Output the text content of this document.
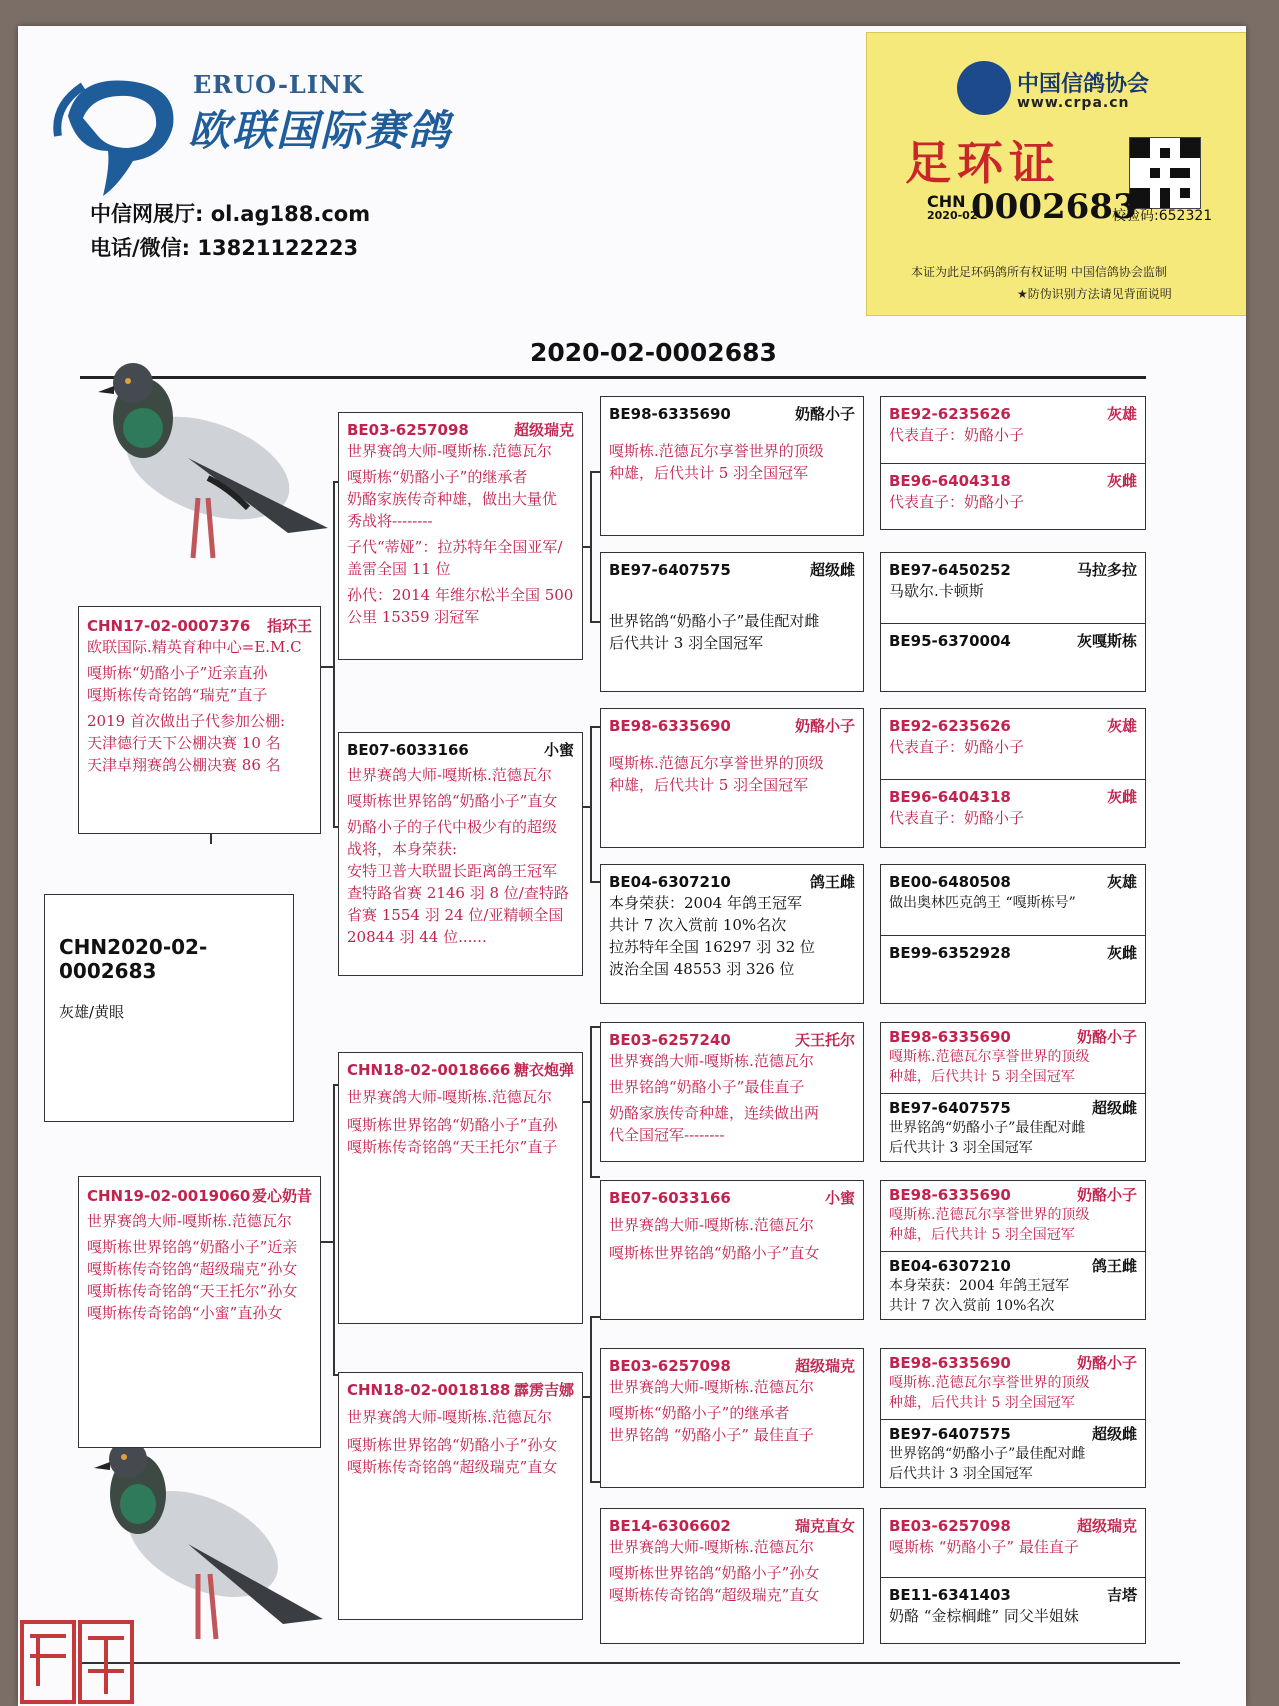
ERUO-LINK
欧联国际赛鸽
中信网展厅: ol.ag188.com
电话/微信: 13821122223
中国信鸽协会
www.crpa.cn
足环证
CHN
2020-02
0002683
校验码:652321
本证为此足环码鸽所有权证明 中国信鸽协会监制
★防伪识别方法请见背面说明
2020-02-0002683
CHN2020-02-0002683
灰雄/黄眼
CHN17-02-0007376 指环王
欧联国际.精英育种中心=E.M.C
嘎斯栋“奶酪小子”近亲直孙
嘎斯栋传奇铭鸽“瑞克”直子
2019 首次做出子代参加公棚:
天津德行天下公棚决赛 10 名
天津卓翔赛鸽公棚决赛 86 名
CHN19-02-0019060 爱心奶昔
世界赛鸽大师-嘎斯栋.范德瓦尔
嘎斯栋世界铭鸽“奶酪小子”近亲
嘎斯栋传奇铭鸽“超级瑞克”孙女
嘎斯栋传奇铭鸽“天王托尔”孙女
嘎斯栋传奇铭鸽“小蜜”直孙女
BE03-6257098	超级瑞克
世界赛鸽大师-嘎斯栋.范德瓦尔
嘎斯栋“奶酪小子”的继承者
奶酪家族传奇种雄，做出大量优
秀战将--------
子代“蒂娅”：拉苏特年全国亚军/
盖雷全国 11 位
孙代：2014 年维尔松半全国 500
公里 15359 羽冠军
BE07-6033166	小蜜
世界赛鸽大师-嘎斯栋.范德瓦尔
嘎斯栋世界铭鸽“奶酪小子”直女
奶酪小子的子代中极少有的超级
战将，本身荣获:
安特卫普大联盟长距离鸽王冠军
查特路省赛 2146 羽 8 位/查特路
省赛 1554 羽 24 位/亚精顿全国
20844 羽 44 位......
CHN18-02-0018666 糖衣炮弹
世界赛鸽大师-嘎斯栋.范德瓦尔
嘎斯栋世界铭鸽“奶酪小子”直孙
嘎斯栋传奇铭鸽“天王托尔”直子
CHN18-02-0018188 霹雳吉娜
世界赛鸽大师-嘎斯栋.范德瓦尔
嘎斯栋世界铭鸽“奶酪小子”孙女
嘎斯栋传奇铭鸽“超级瑞克”直女
BE98-6335690	奶酪小子
嘎斯栋.范德瓦尔享誉世界的顶级
种雄，后代共计 5 羽全国冠军
BE97-6407575	超级雌
世界铭鸽“奶酪小子”最佳配对雌
后代共计 3 羽全国冠军
BE98-6335690	奶酪小子
嘎斯栋.范德瓦尔享誉世界的顶级
种雄，后代共计 5 羽全国冠军
BE04-6307210	鸽王雌
本身荣获：2004 年鸽王冠军
共计 7 次入赏前 10%名次
拉苏特年全国 16297 羽 32 位
波治全国 48553 羽 326 位
BE03-6257240	天王托尔
世界赛鸽大师-嘎斯栋.范德瓦尔
世界铭鸽“奶酪小子”最佳直子
奶酪家族传奇种雄，连续做出两
代全国冠军--------
BE07-6033166	小蜜
世界赛鸽大师-嘎斯栋.范德瓦尔
嘎斯栋世界铭鸽“奶酪小子”直女
BE03-6257098	超级瑞克
世界赛鸽大师-嘎斯栋.范德瓦尔
嘎斯栋“奶酪小子”的继承者
世界铭鸽 “奶酪小子” 最佳直子
BE14-6306602	瑞克直女
世界赛鸽大师-嘎斯栋.范德瓦尔
嘎斯栋世界铭鸽“奶酪小子”孙女
嘎斯栋传奇铭鸽“超级瑞克”直女
BE92-6235626	灰雄
代表直子：奶酪小子
BE96-6404318	灰雌
代表直子：奶酪小子
BE97-6450252	马拉多拉
马歇尔.卡顿斯
BE95-6370004	灰嘎斯栋
BE92-6235626	灰雄
代表直子：奶酪小子
BE96-6404318	灰雌
代表直子：奶酪小子
BE00-6480508	灰雄
做出奥林匹克鸽王 “嘎斯栋号”
BE99-6352928	灰雌
BE98-6335690	奶酪小子
嘎斯栋.范德瓦尔享誉世界的顶级
种雄，后代共计 5 羽全国冠军
BE97-6407575	超级雌
世界铭鸽“奶酪小子”最佳配对雌
后代共计 3 羽全国冠军
BE98-6335690	奶酪小子
嘎斯栋.范德瓦尔享誉世界的顶级
种雄，后代共计 5 羽全国冠军
BE04-6307210	鸽王雌
本身荣获：2004 年鸽王冠军
共计 7 次入赏前 10%名次
BE98-6335690	奶酪小子
嘎斯栋.范德瓦尔享誉世界的顶级
种雄，后代共计 5 羽全国冠军
BE97-6407575	超级雌
世界铭鸽“奶酪小子”最佳配对雌
后代共计 3 羽全国冠军
BE03-6257098	超级瑞克
嘎斯栋 “奶酪小子” 最佳直子
BE11-6341403	吉塔
奶酪 “金棕榈雌” 同父半姐妹
